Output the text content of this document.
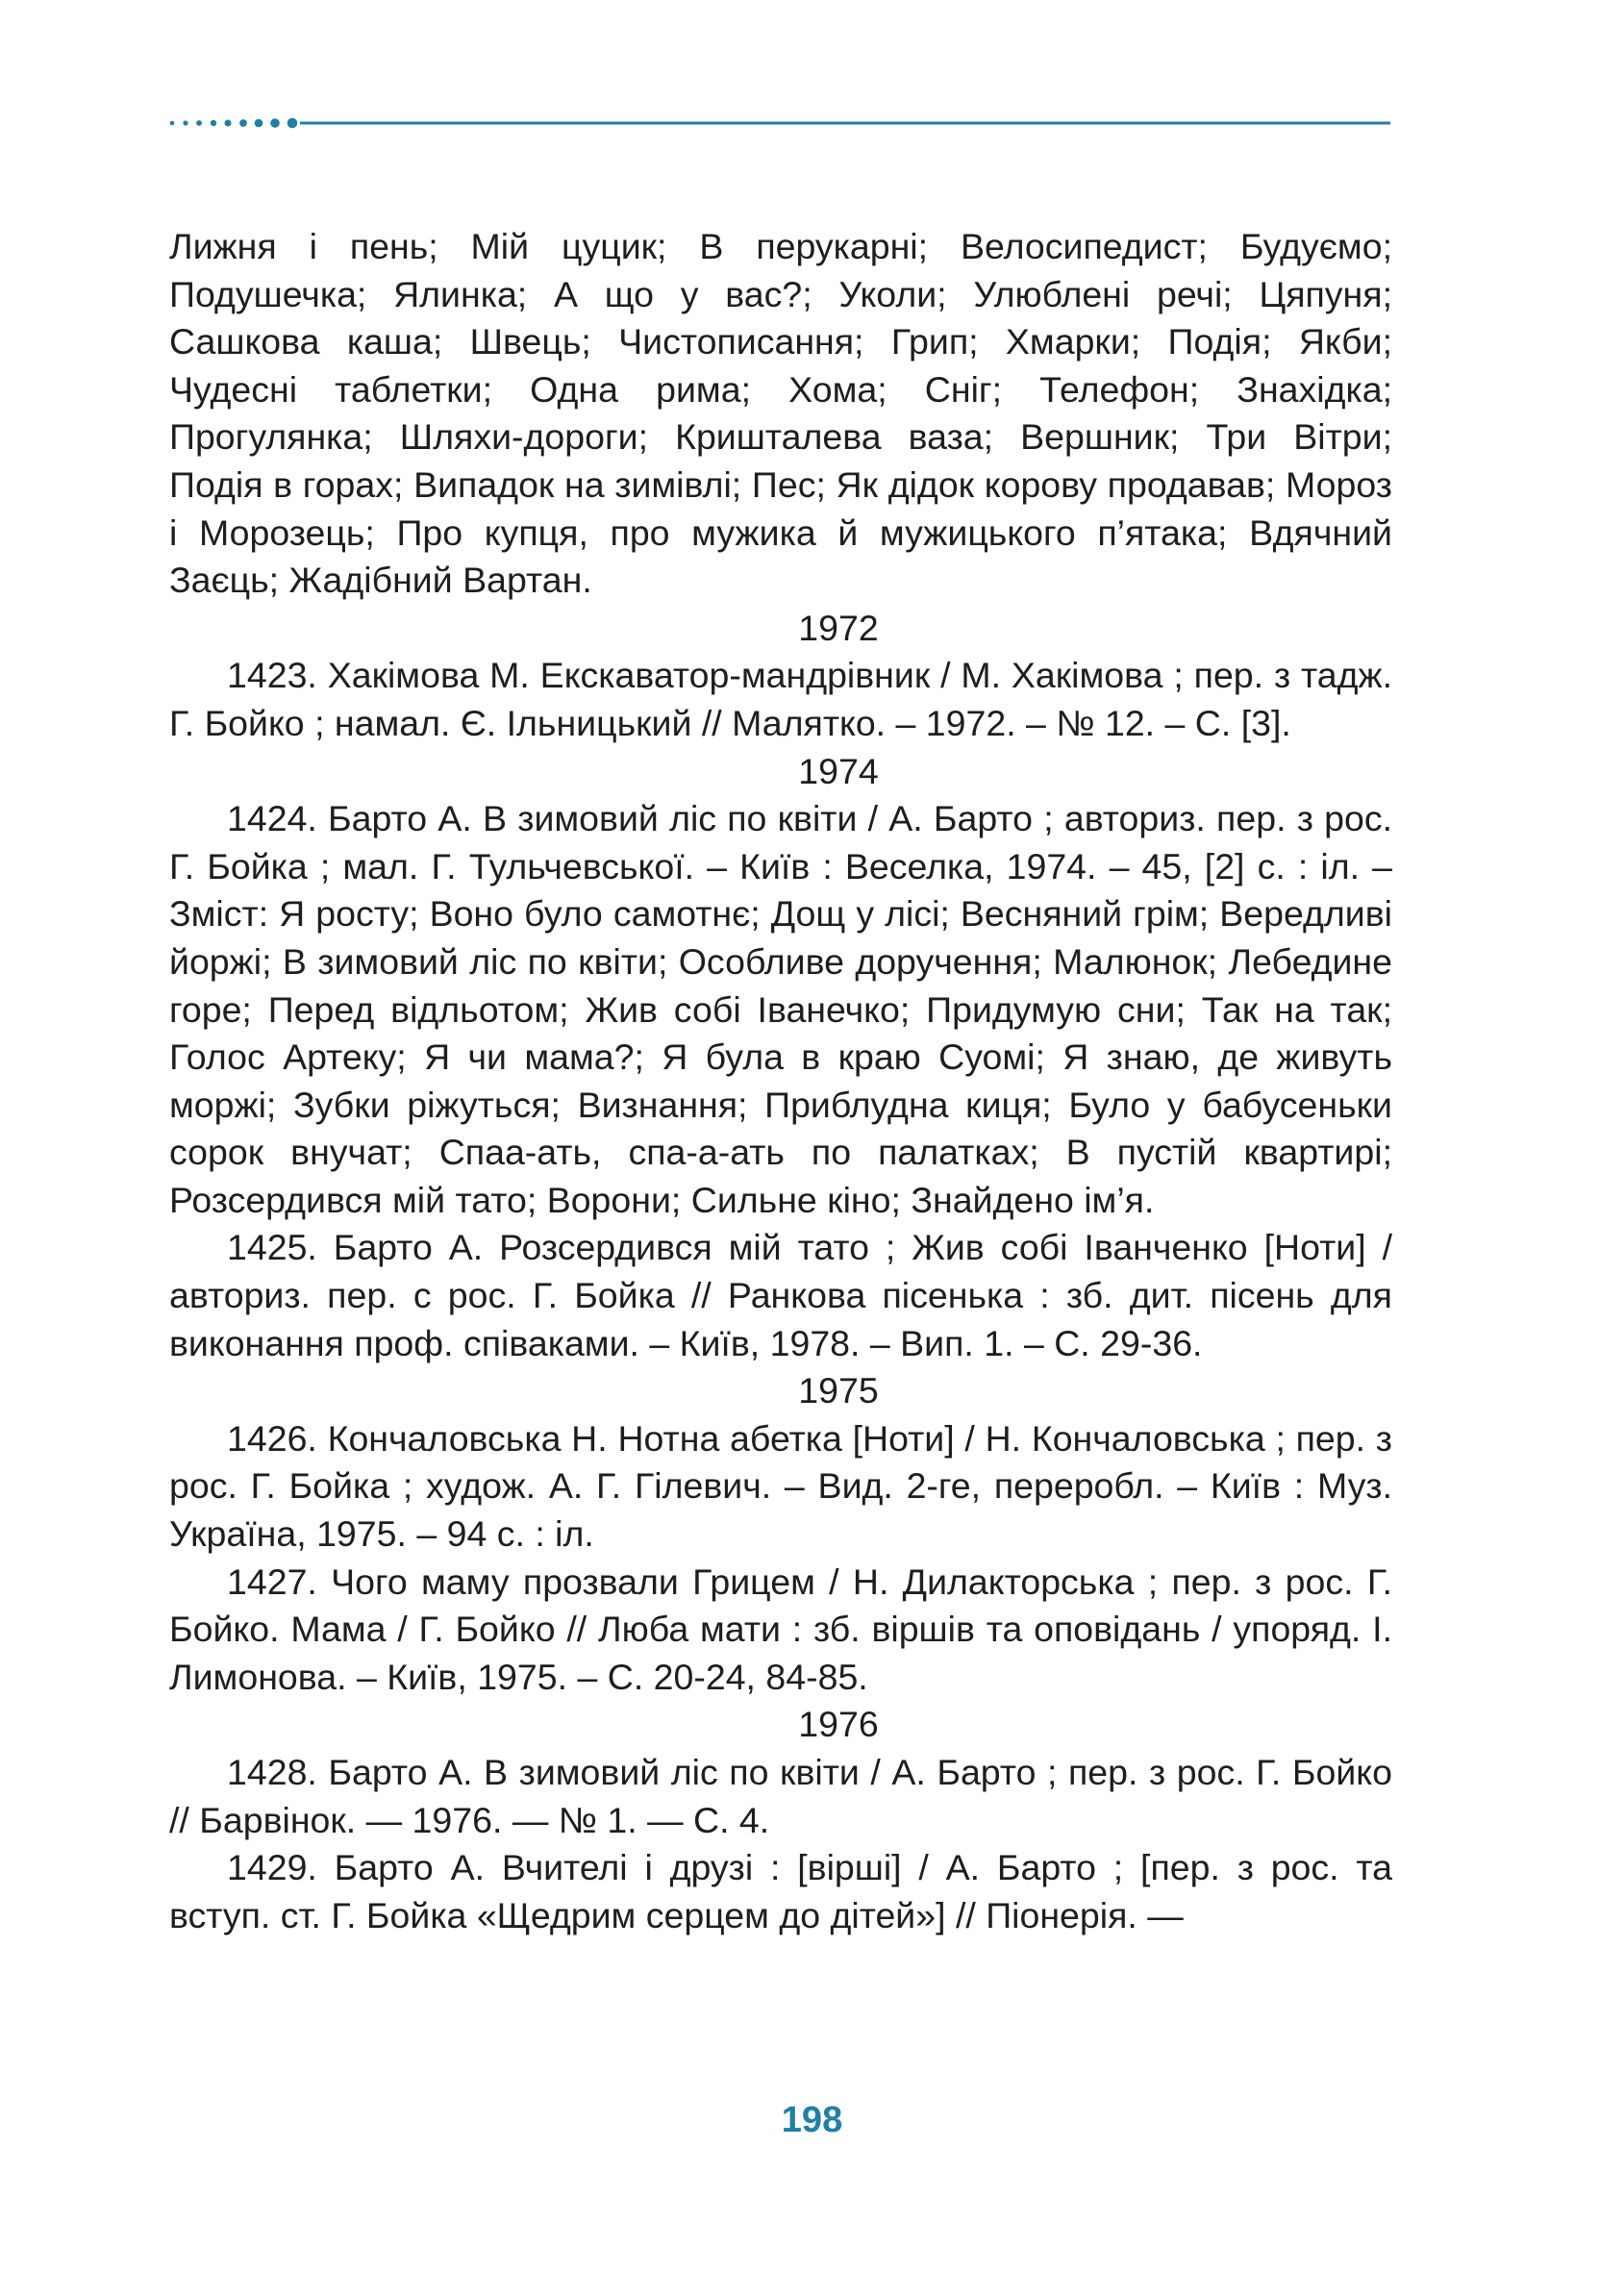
Лижня і пень; Мій цуцик; В перукарні; Велосипедист; Будуємо; Подушечка; Ялинка; А що у вас?; Уколи; Улюблені речі; Цяпуня; Сашкова каша; Швець; Чистописання; Грип; Хмарки; Подія; Якби; Чудесні таблетки; Одна рима; Хома; Сніг; Телефон; Знахідка; Прогулянка; Шляхи-дороги; Кришталева ваза; Вершник; Три Вітри; Подія в горах; Випадок на зимівлі; Пес; Як дідок корову продавав; Мороз і Морозець; Про купця, про мужика й мужицького п’ятака; Вдячний Заєць; Жадібний Вартан.

1972

1423. Хакімова М. Екскаватор-мандрівник / М. Хакімова ; пер. з тадж. Г. Бойко ; намал. Є. Ільницький // Малятко. – 1972. – № 12. – С. [3].

1974

1424. Барто А. В зимовий ліс по квіти / А. Барто ; авториз. пер. з рос. Г. Бойка ; мал. Г. Тульчевської. – Київ : Веселка, 1974. – 45, [2] с. : іл. – Зміст: Я росту; Воно було самотнє; Дощ у лісі; Весняний грім; Вередливі йоржі; В зимовий ліс по квіти; Особливе доручення; Малюнок; Лебедине горе; Перед відльотом; Жив собі Іванечко; Придумую сни; Так на так; Голос Артеку; Я чи мама?; Я була в краю Суомі; Я знаю, де живуть моржі; Зубки ріжуться; Визнання; Приблудна киця; Було у бабусеньки сорок внучат; Спаа-ать, спа-а-ать по палатках; В пустій квартирі; Розсердився мій тато; Ворони; Сильне кіно; Знайдено ім’я.

1425. Барто А. Розсердився мій тато ; Жив собі Іванченко [Ноти] / авториз. пер. с рос. Г. Бойка // Ранкова пісенька : зб. дит. пісень для виконання проф. співаками. – Київ, 1978. – Вип. 1. – С. 29-36.

1975

1426. Кончаловська Н. Нотна абетка [Ноти] / Н. Кончаловська ; пер. з рос. Г. Бойка ; худож. А. Г. Гілевич. – Вид. 2-ге, переробл. – Київ : Муз. Україна, 1975. – 94 с. : іл.

1427. Чого маму прозвали Грицем / Н. Дилакторська ; пер. з рос. Г. Бойко. Мама / Г. Бойко // Люба мати : зб. віршів та оповідань / упоряд. І. Лимонова. – Київ, 1975. – С. 20-24, 84-85.

1976

1428. Барто А. В зимовий ліс по квіти / А. Барто ; пер. з рос. Г. Бойко // Барвінок. — 1976. — № 1. — С. 4.

1429. Барто А. Вчителі і друзі : [вірші] / А. Барто ; [пер. з рос. та вступ. ст. Г. Бойка «Щедрим серцем до дітей»] // Піонерія. —

198
